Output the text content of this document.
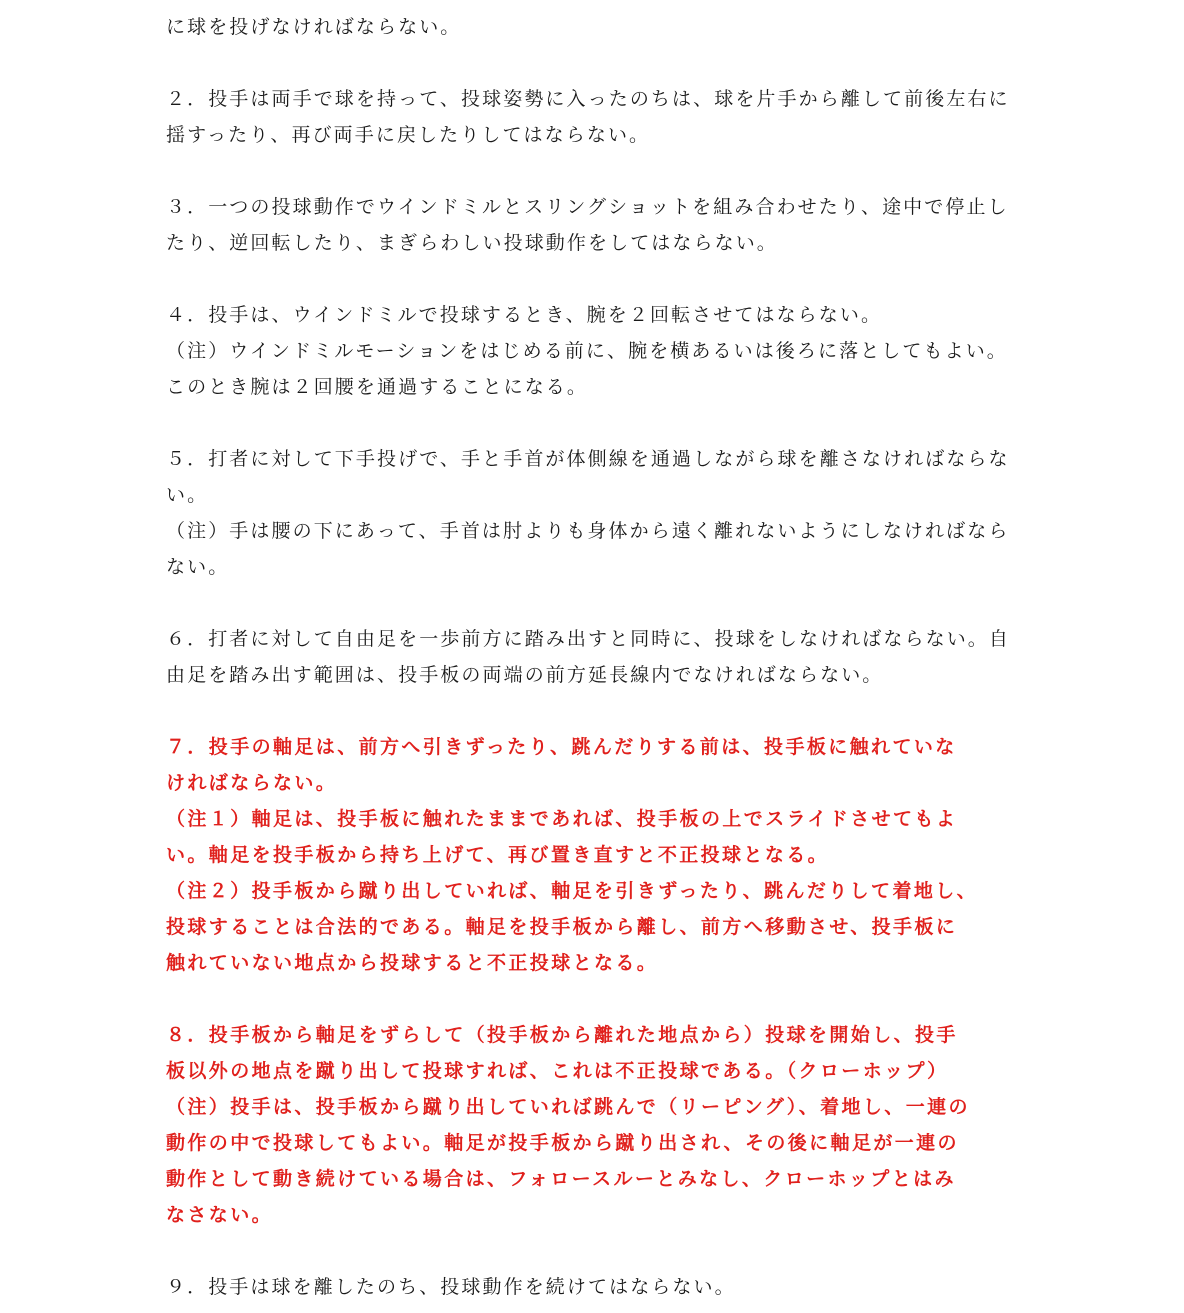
に球を投げなければならない。
２．投手は両手で球を持って、投球姿勢に入ったのちは、球を片手から離して前後左右に
揺すったり、再び両手に戻したりしてはならない。
３．一つの投球動作でウインドミルとスリングショットを組み合わせたり、途中で停止し
たり、逆回転したり、まぎらわしい投球動作をしてはならない。
４．投手は、ウインドミルで投球するとき、腕を２回転させてはならない。
（注）ウインドミルモーションをはじめる前に、腕を横あるいは後ろに落としてもよい。
このとき腕は２回腰を通過することになる。
５．打者に対して下手投げで、手と手首が体側線を通過しながら球を離さなければならな
い。
（注）手は腰の下にあって、手首は肘よりも身体から遠く離れないようにしなければなら
ない。
６．打者に対して自由足を一歩前方に踏み出すと同時に、投球をしなければならない。自
由足を踏み出す範囲は、投手板の両端の前方延長線内でなければならない。
７．投手の軸足は、前方へ引きずったり、跳んだりする前は、投手板に触れていな
ければならない。
（注１）軸足は、投手板に触れたままであれば、投手板の上でスライドさせてもよ
い。軸足を投手板から持ち上げて、再び置き直すと不正投球となる。
（注２）投手板から蹴り出していれば、軸足を引きずったり、跳んだりして着地し、
投球することは合法的である。軸足を投手板から離し、前方へ移動させ、投手板に
触れていない地点から投球すると不正投球となる。
８．投手板から軸足をずらして（投手板から離れた地点から）投球を開始し、投手
板以外の地点を蹴り出して投球すれば、これは不正投球である。（クローホップ）
（注）投手は、投手板から蹴り出していれば跳んで（リーピング）、着地し、一連の
動作の中で投球してもよい。軸足が投手板から蹴り出され、その後に軸足が一連の
動作として動き続けている場合は、フォロースルーとみなし、クローホップとはみ
なさない。
９．投手は球を離したのち、投球動作を続けてはならない。
